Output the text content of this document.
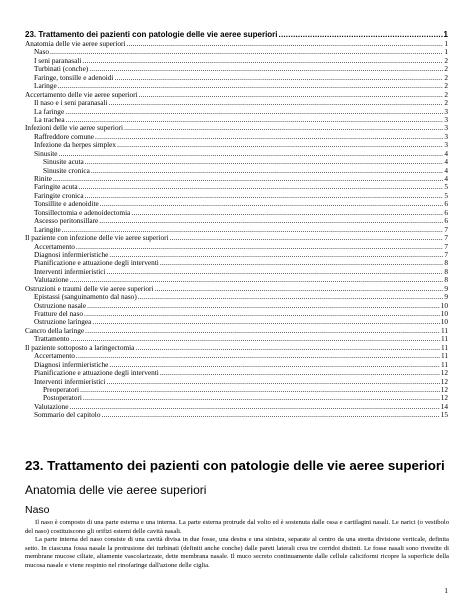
23. Trattamento dei pazienti con patologie delle vie aeree superiori .....	1
Anatomia delle vie aeree superiori .....	1
Naso .....	1
I seni paranasali .....	2
Turbinati (conche) .....	2
Faringe, tonsille e adenoidi .....	2
Laringe .....	2
Accertamento delle vie aeree superiori .....	2
Il naso e i seni paranasali .....	2
La faringe .....	3
La trachea .....	3
Infezioni delle vie aeree superiori .....	3
Raffreddore comune .....	3
Infezione da herpes simplex .....	3
Sinusite .....	4
Sinusite acuta .....	4
Sinusite cronica .....	4
Rinite .....	4
Faringite acuta .....	5
Faringite cronica .....	5
Tonsillite e adenoidite .....	6
Tonsillectomia e adenoidectomia .....	6
Ascesso peritonsillare .....	6
Laringite .....	7
Il paziente con infezione delle vie aeree superiori .....	7
Accertamento .....	7
Diagnosi infermieristiche .....	7
Pianificazione e attuazione degli interventi .....	8
Interventi infermieristici .....	8
Valutazione .....	8
Ostruzioni e traumi delle vie aeree superiori .....	9
Epistassi (sanguinamento dal naso) .....	9
Ostruzione nasale .....	10
Fratture del naso .....	10
Ostruzione laringea .....	10
Cancro della laringe .....	11
Trattamento .....	11
Il paziente sottoposto a laringectomia .....	11
Accertamento .....	11
Diagnosi infermieristiche .....	11
Pianificazione e attuazione degli interventi .....	12
Interventi infermieristici .....	12
Preoperatori .....	12
Postoperatori .....	12
Valutazione .....	14
Sommario del capitolo .....	15
23. Trattamento dei pazienti con patologie delle vie aeree superiori
Anatomia delle vie aeree superiori
Naso

Il naso è composto di una parte esterna e una interna. La parte esterna protrude dal volto ed è sostenuta dalle ossa e cartilagini nasali. Le narici (o vestibolo del naso) costituiscono gli orifizi esterni delle cavità nasali.

La parte interna del naso consiste di una cavità divisa in due fosse, una destra e una sinistra, separate al centro da una stretta divisione verticale, definita setto. In ciascuna fossa nasale la protrusione dei turbinati (definiti anche conche) dalle pareti laterali crea tre corridoi distinti. Le fosse nasali sono rivestite di membrane mucose ciliate, altamente vascolarizzate, dette membrana nasale. Il muco secreto continuamente dalle cellule caliciformi ricopre la superficie della mucosa nasale e viene respinto nel rinofaringe dall'azione delle ciglia.

1
